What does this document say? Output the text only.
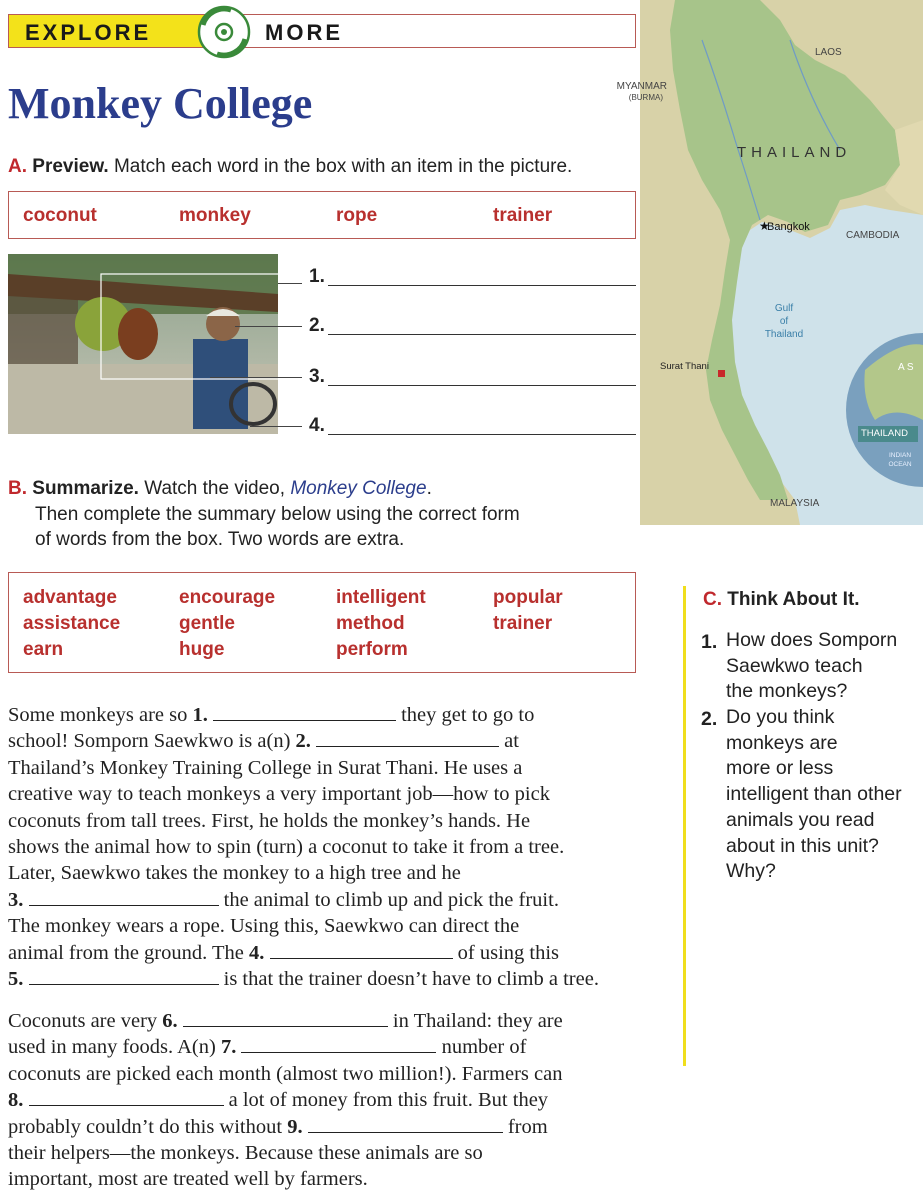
EXPLORE	MORE
Monkey College
A. Preview. Match each word in the box with an item in the picture.
coconut	monkey	rope	trainer
1.
2.
3.
4.
B. Summarize. Watch the video, Monkey College.
Then complete the summary below using the correct form
of words from the box. Two words are extra.
advantage
assistance
earn
encourage
gentle
huge
intelligent
method
perform
popular
trainer
Some monkeys are so 1.	they get to go to
school! Somporn Saewkwo is a(n) 2.	at
Thailand’s Monkey Training College in Surat Thani. He uses a
creative way to teach monkeys a very important job—how to pick
coconuts from tall trees. First, he holds the monkey’s hands. He
shows the animal how to spin (turn) a coconut to take it from a tree.
Later, Saewkwo takes the monkey to a high tree and he
3.	the animal to climb up and pick the fruit.
The monkey wears a rope. Using this, Saewkwo can direct the
animal from the ground. The 4.	of using this
5.	is that the trainer doesn’t have to climb a tree.
Coconuts are very 6.	in Thailand: they are
used in many foods. A(n) 7.	number of
coconuts are picked each month (almost two million!). Farmers can
8.	a lot of money from this fruit. But they
probably couldn’t do this without 9.	from
their helpers—the monkeys. Because these animals are so
important, most are treated well by farmers.
MYANMAR
(BURMA)
LAOS
THAILAND
★
Bangkok
CAMBODIA
Gulf
of
Thailand
Surat Thani
MALAYSIA
A S
THAILAND
INDIAN
OCEAN
C. Think About It.
1. How does Somporn
Saewkwo teach
the monkeys?
2. Do you think
monkeys are
more or less
intelligent than other
animals you read
about in this unit?
Why?
